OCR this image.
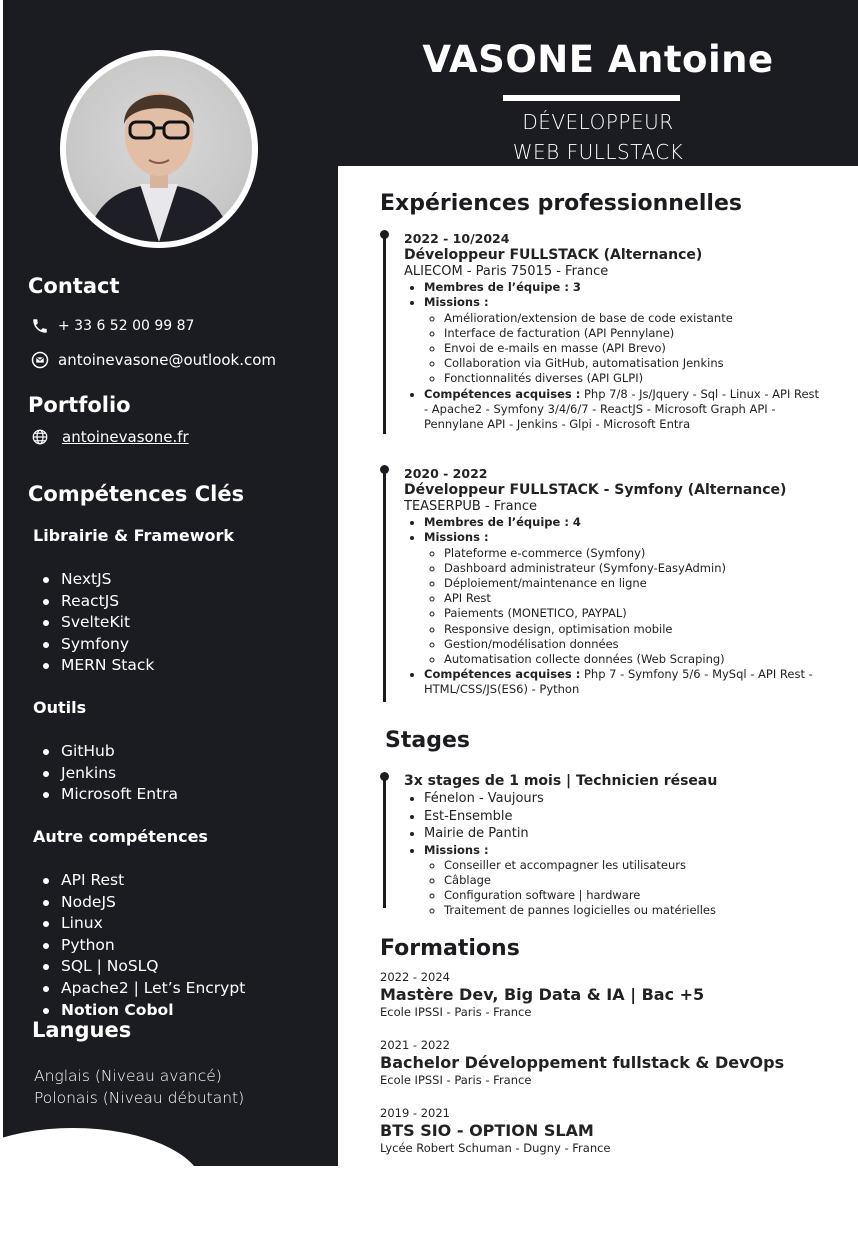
VASONE Antoine
DÉVELOPPEUR
WEB FULLSTACK
Contact
+ 33 6 52 00 99 87
antoinevasone@outlook.com
Portfolio
antoinevasone.fr
Compétences Clés
Librairie & Framework
NextJS
ReactJS
SvelteKit
Symfony
MERN Stack
Outils
GitHub
Jenkins
Microsoft Entra
Autre compétences
API Rest
NodeJS
Linux
Python
SQL | NoSLQ
Apache2 | Let’s Encrypt
Notion Cobol
Langues
Anglais (Niveau avancé)
Polonais (Niveau débutant)
Expériences professionnelles
2022 - 10/2024
Développeur FULLSTACK (Alternance)
ALIECOM - Paris 75015 - France
• Membres de l’équipe : 3
• Missions :
◦ Amélioration/extension de base de code existante
◦ Interface de facturation (API Pennylane)
◦ Envoi de e-mails en masse (API Brevo)
◦ Collaboration via GitHub, automatisation Jenkins
◦ Fonctionnalités diverses (API GLPI)
• Compétences acquises : Php 7/8 - Js/Jquery - Sql - Linux - API Rest - Apache2 - Symfony 3/4/6/7 - ReactJS - Microsoft Graph API - Pennylane API - Jenkins - Glpi - Microsoft Entra
2020 - 2022
Développeur FULLSTACK - Symfony (Alternance)
TEASERPUB - France
• Membres de l’équipe : 4
• Missions :
◦ Plateforme e-commerce (Symfony)
◦ Dashboard administrateur (Symfony-EasyAdmin)
◦ Déploiement/maintenance en ligne
◦ API Rest
◦ Paiements (MONETICO, PAYPAL)
◦ Responsive design, optimisation mobile
◦ Gestion/modélisation données
◦ Automatisation collecte données (Web Scraping)
• Compétences acquises : Php 7 - Symfony 5/6 - MySql - API Rest - HTML/CSS/JS(ES6) - Python
Stages
3x stages de 1 mois | Technicien réseau
• Fénelon - Vaujours
• Est-Ensemble
• Mairie de Pantin
• Missions :
◦ Conseiller et accompagner les utilisateurs
◦ Câblage
◦ Configuration software | hardware
◦ Traitement de pannes logicielles ou matérielles
Formations
2022 - 2024
Mastère Dev, Big Data & IA | Bac +5
Ecole IPSSI - Paris - France
2021 - 2022
Bachelor Développement fullstack & DevOps
Ecole IPSSI - Paris - France
2019 - 2021
BTS SIO - OPTION SLAM
Lycée Robert Schuman - Dugny - France
